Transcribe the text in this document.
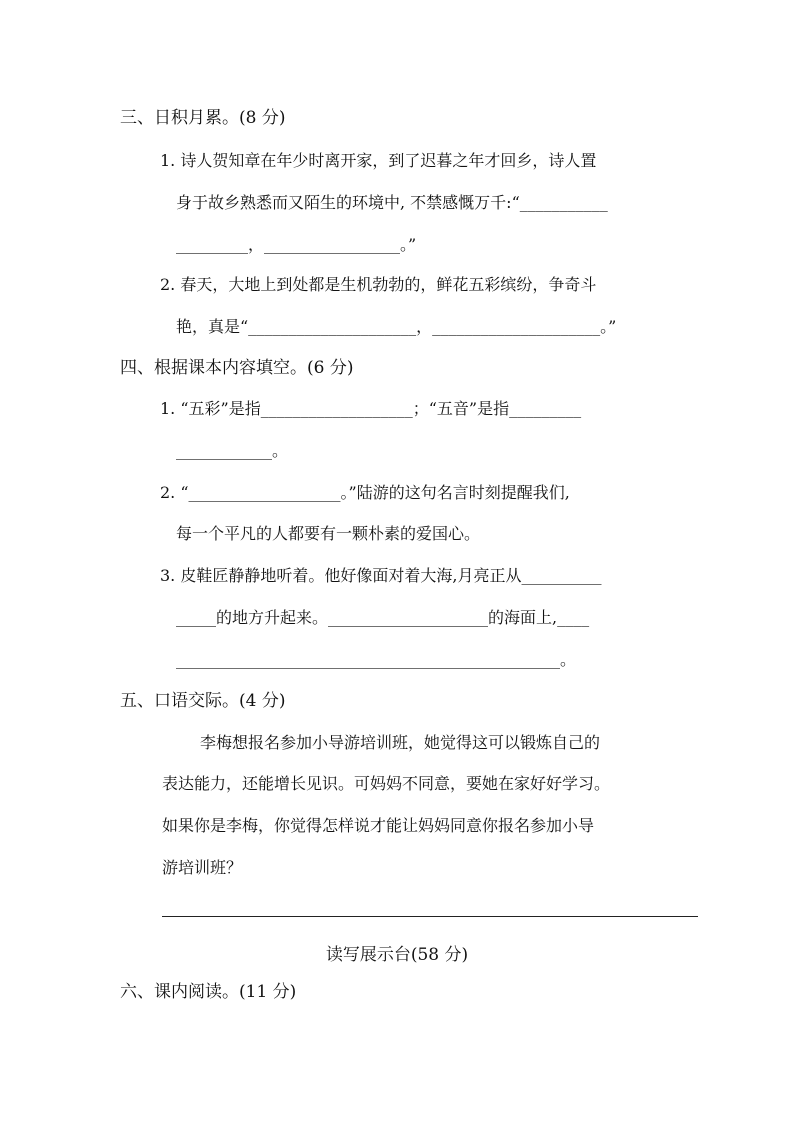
三、日积月累。(8 分)
1. 诗人贺知章在年少时离开家，到了迟暮之年才回乡，诗人置
身于故乡熟悉而又陌生的环境中, 不禁感慨万千:“___________
_________，_________________。”
2. 春天，大地上到处都是生机勃勃的，鲜花五彩缤纷，争奇斗
艳，真是“_____________________，_____________________。”
四、根据课本内容填空。(6 分)
1. “五彩”是指___________________；“五音”是指_________
____________。
2. “___________________。”陆游的这句名言时刻提醒我们,
每一个平凡的人都要有一颗朴素的爱国心。
3. 皮鞋匠静静地听着。他好像面对着大海,月亮正从__________
_____的地方升起来。____________________的海面上,____
________________________________________________。
五、口语交际。(4 分)
李梅想报名参加小导游培训班，她觉得这可以锻炼自己的
表达能力，还能增长见识。可妈妈不同意，要她在家好好学习。
如果你是李梅，你觉得怎样说才能让妈妈同意你报名参加小导
游培训班？
读写展示台(58 分)
六、课内阅读。(11 分)
